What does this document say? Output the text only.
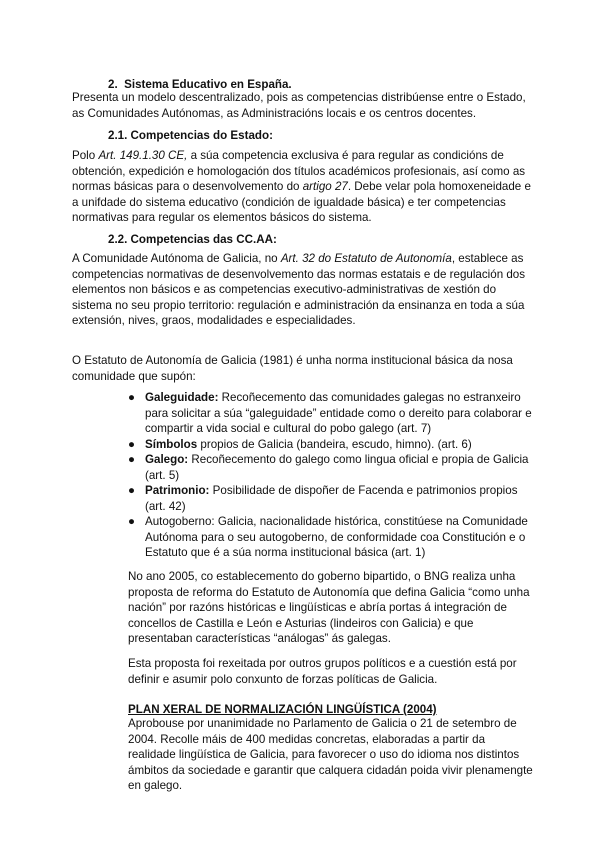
2. Sistema Educativo en España.

Presenta un modelo descentralizado, pois as competencias distribúense entre o Estado, as Comunidades Autónomas, as Administracións locais e os centros docentes.

2.1. Competencias do Estado:

Polo Art. 149.1.30 CE, a súa competencia exclusiva é para regular as condicións de obtención, expedición e homologación dos títulos académicos profesionais, así como as normas básicas para o desenvolvemento do artigo 27. Debe velar pola homoxeneidade e a unifdade do sistema educativo (condición de igualdade básica) e ter competencias normativas para regular os elementos básicos do sistema.

2.2. Competencias das CC.AA:

A Comunidade Autónoma de Galicia, no Art. 32 do Estatuto de Autonomía, establece as competencias normativas de desenvolvemento das normas estatais e de regulación dos elementos non básicos e as competencias executivo-administrativas de xestión do sistema no seu propio territorio: regulación e administración da ensinanza en toda a súa extensión, nives, graos, modalidades e especialidades.

O Estatuto de Autonomía de Galicia (1981) é unha norma institucional básica da nosa comunidade que supón:

● Galeguidade: Recoñecemento das comunidades galegas no estranxeiro para solicitar a súa “galeguidade” entidade como o dereito para colaborar e compartir a vida social e cultural do pobo galego (art. 7)
● Símbolos propios de Galicia (bandeira, escudo, himno). (art. 6)
● Galego: Recoñecemento do galego como lingua oficial e propia de Galicia (art. 5)
● Patrimonio: Posibilidade de dispoñer de Facenda e patrimonios propios (art. 42)
● Autogoberno: Galicia, nacionalidade histórica, constitúese na Comunidade Autónoma para o seu autogoberno, de conformidade coa Constitución e o Estatuto que é a súa norma institucional básica (art. 1)

No ano 2005, co establecemento do goberno bipartido, o BNG realiza unha proposta de reforma do Estatuto de Autonomía que defina Galicia “como unha nación” por razóns históricas e lingüísticas e abría portas á integración de concellos de Castilla e León e Asturias (lindeiros con Galicia) e que presentaban características “análogas” ás galegas.

Esta proposta foi rexeitada por outros grupos políticos e a cuestión está por definir e asumir polo conxunto de forzas políticas de Galicia.

PLAN XERAL DE NORMALIZACIÓN LINGÜÍSTICA (2004)

Aprobouse por unanimidade no Parlamento de Galicia o 21 de setembro de 2004. Recolle máis de 400 medidas concretas, elaboradas a partir da realidade lingüística de Galicia, para favorecer o uso do idioma nos distintos ámbitos da sociedade e garantir que calquera cidadán poida vivir plenamengte en galego.
